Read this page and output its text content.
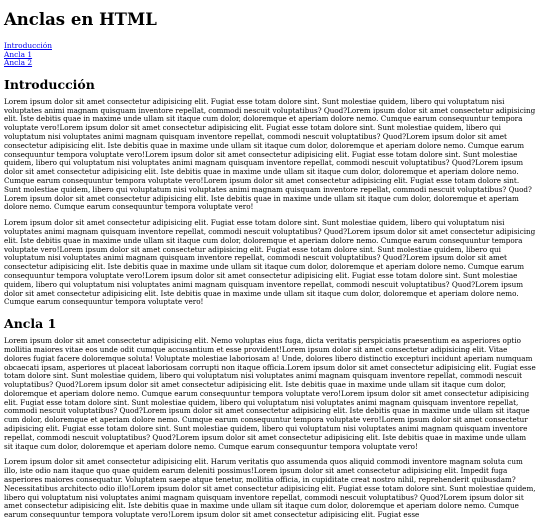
Anclas en HTML
Introducción
Ancla 1
Ancla 2
Introducción

Lorem ipsum dolor sit amet consectetur adipisicing elit. Fugiat esse totam dolore sint. Sunt molestiae quidem, libero qui voluptatum nisi voluptates animi magnam quisquam inventore repellat, commodi nescuit voluptatibus? Quod?Lorem ipsum dolor sit amet consectetur adipisicing elit. Iste debitis quae in maxime unde ullam sit itaque cum dolor, doloremque et aperiam dolore nemo. Cumque earum consequuntur tempora voluptate vero!Lorem ipsum dolor sit amet consectetur adipisicing elit. Fugiat esse totam dolore sint. Sunt molestiae quidem, libero qui voluptatum nisi voluptates animi magnam quisquam inventore repellat, commodi nescuit voluptatibus? Quod?Lorem ipsum dolor sit amet consectetur adipisicing elit. Iste debitis quae in maxime unde ullam sit itaque cum dolor, doloremque et aperiam dolore nemo. Cumque earum consequuntur tempora voluptate vero!Lorem ipsum dolor sit amet consectetur adipisicing elit. Fugiat esse totam dolore sint. Sunt molestiae quidem, libero qui voluptatum nisi voluptates animi magnam quisquam inventore repellat, commodi nescuit voluptatibus? Quod?Lorem ipsum dolor sit amet consectetur adipisicing elit. Iste debitis quae in maxime unde ullam sit itaque cum dolor, doloremque et aperiam dolore nemo. Cumque earum consequuntur tempora voluptate vero!Lorem ipsum dolor sit amet consectetur adipisicing elit. Fugiat esse totam dolore sint. Sunt molestiae quidem, libero qui voluptatum nisi voluptates animi magnam quisquam inventore repellat, commodi nescuit voluptatibus? Quod?Lorem ipsum dolor sit amet consectetur adipisicing elit. Iste debitis quae in maxime unde ullam sit itaque cum dolor, doloremque et aperiam dolore nemo. Cumque earum consequuntur tempora voluptate vero!

Lorem ipsum dolor sit amet consectetur adipisicing elit. Fugiat esse totam dolore sint. Sunt molestiae quidem, libero qui voluptatum nisi voluptates animi magnam quisquam inventore repellat, commodi nescuit voluptatibus? Quod?Lorem ipsum dolor sit amet consectetur adipisicing elit. Iste debitis quae in maxime unde ullam sit itaque cum dolor, doloremque et aperiam dolore nemo. Cumque earum consequuntur tempora voluptate vero!Lorem ipsum dolor sit amet consectetur adipisicing elit. Fugiat esse totam dolore sint. Sunt molestiae quidem, libero qui voluptatum nisi voluptates animi magnam quisquam inventore repellat, commodi nescuit voluptatibus? Quod?Lorem ipsum dolor sit amet consectetur adipisicing elit. Iste debitis quae in maxime unde ullam sit itaque cum dolor, doloremque et aperiam dolore nemo. Cumque earum consequuntur tempora voluptate vero!Lorem ipsum dolor sit amet consectetur adipisicing elit. Fugiat esse totam dolore sint. Sunt molestiae quidem, libero qui voluptatum nisi voluptates animi magnam quisquam inventore repellat, commodi nescuit voluptatibus? Quod?Lorem ipsum dolor sit amet consectetur adipisicing elit. Iste debitis quae in maxime unde ullam sit itaque cum dolor, doloremque et aperiam dolore nemo. Cumque earum consequuntur tempora voluptate vero!

Ancla 1

Lorem ipsum dolor sit amet consectetur adipisicing elit. Nemo voluptas eius fuga, dicta veritatis perspiciatis praesentium ea asperiores optio mollitia maiores vitae eos unde odit cumque accusantium et esse provident!Lorem ipsum dolor sit amet consectetur adipisicing elit. Vitae dolores fugiat facere doloremque soluta! Voluptate molestiae laboriosam a! Unde, dolores libero distinctio excepturi incidunt aperiam numquam obcaecati ipsam, asperiores ut placeat laboriosam corrupti non itaque officia.Lorem ipsum dolor sit amet consectetur adipisicing elit. Fugiat esse totam dolore sint. Sunt molestiae quidem, libero qui voluptatum nisi voluptates animi magnam quisquam inventore repellat, commodi nescuit voluptatibus? Quod?Lorem ipsum dolor sit amet consectetur adipisicing elit. Iste debitis quae in maxime unde ullam sit itaque cum dolor, doloremque et aperiam dolore nemo. Cumque earum consequuntur tempora voluptate vero!Lorem ipsum dolor sit amet consectetur adipisicing elit. Fugiat esse totam dolore sint. Sunt molestiae quidem, libero qui voluptatum nisi voluptates animi magnam quisquam inventore repellat, commodi nescuit voluptatibus? Quod?Lorem ipsum dolor sit amet consectetur adipisicing elit. Iste debitis quae in maxime unde ullam sit itaque cum dolor, doloremque et aperiam dolore nemo. Cumque earum consequuntur tempora voluptate vero!Lorem ipsum dolor sit amet consectetur adipisicing elit. Fugiat esse totam dolore sint. Sunt molestiae quidem, libero qui voluptatum nisi voluptates animi magnam quisquam inventore repellat, commodi nescuit voluptatibus? Quod?Lorem ipsum dolor sit amet consectetur adipisicing elit. Iste debitis quae in maxime unde ullam sit itaque cum dolor, doloremque et aperiam dolore nemo. Cumque earum consequuntur tempora voluptate vero!

Lorem ipsum dolor sit amet consectetur adipisicing elit. Harum veritatis quo assumenda quos aliquid commodi inventore magnam soluta cum illo, iste odio nam itaque quo quae quidem earum deleniti possimus!Lorem ipsum dolor sit amet consectetur adipisicing elit. Impedit fuga asperiores maiores consequatur. Voluptatem saepe atque tenetur, mollitia officia, in cupiditate creat nostro nihil, reprehenderit quibusdam? Necessitatibus architecto odio illo!Lorem ipsum dolor sit amet consectetur adipisicing elit. Fugiat esse totam dolore sint. Sunt molestiae quidem, libero qui voluptatum nisi voluptates animi magnam quisquam inventore repellat, commodi nescuit voluptatibus? Quod?Lorem ipsum dolor sit amet consectetur adipisicing elit. Iste debitis quae in maxime unde ullam sit itaque cum dolor, doloremque et aperiam dolore nemo. Cumque earum consequuntur tempora voluptate vero!Lorem ipsum dolor sit amet consectetur adipisicing elit. Fugiat esse
